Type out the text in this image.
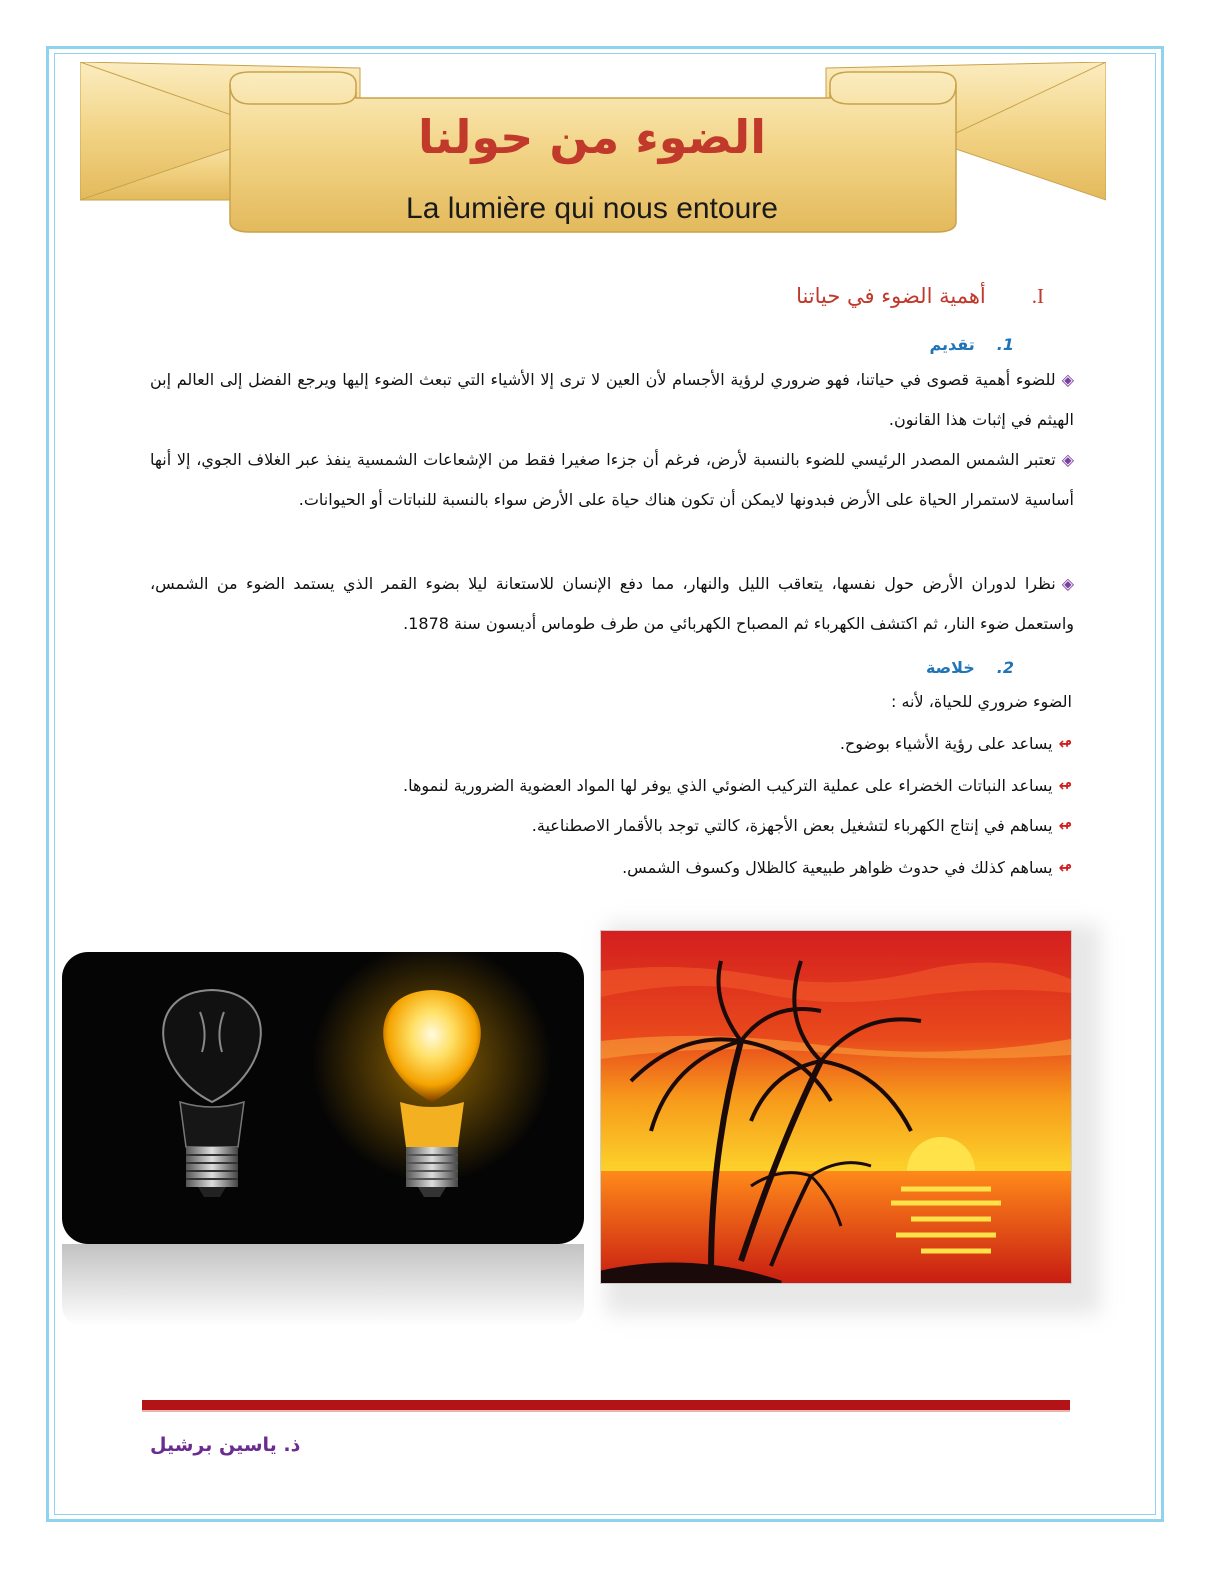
الضوء من حولنا
La lumière qui nous entoure
I.أهمية الضوء في حياتنا
1.تقديم
◈للضوء أهمية قصوى في حياتنا، فهو ضروري لرؤية الأجسام لأن العين لا ترى إلا الأشياء التي تبعث الضوء إليها ويرجع الفضل إلى العالم إبن الهيثم في إثبات هذا القانون.
◈تعتبر الشمس المصدر الرئيسي للضوء بالنسبة لأرض، فرغم أن جزءا صغيرا فقط من الإشعاعات الشمسية ينفذ عبر الغلاف الجوي، إلا أنها أساسية لاستمرار الحياة على الأرض فبدونها لايمكن أن تكون هناك حياة على الأرض سواء بالنسبة للنباتات أو الحيوانات.
◈نظرا لدوران الأرض حول نفسها، يتعاقب الليل والنهار، مما دفع الإنسان للاستعانة ليلا بضوء القمر الذي يستمد الضوء من الشمس، واستعمل ضوء النار، ثم اكتشف الكهرباء ثم المصباح الكهربائي من طرف طوماس أديسون سنة 1878.
2.خلاصة
الضوء ضروري للحياة، لأنه :
↫يساعد على رؤية الأشياء بوضوح.
↫يساعد النباتات الخضراء على عملية التركيب الضوئي الذي يوفر لها المواد العضوية الضرورية لنموها.
↫يساهم في إنتاج الكهرباء لتشغيل بعض الأجهزة، كالتي توجد بالأقمار الاصطناعية.
↫يساهم كذلك في حدوث ظواهر طبيعية كالظلال وكسوف الشمس.
ذ. ياسين برشيل
